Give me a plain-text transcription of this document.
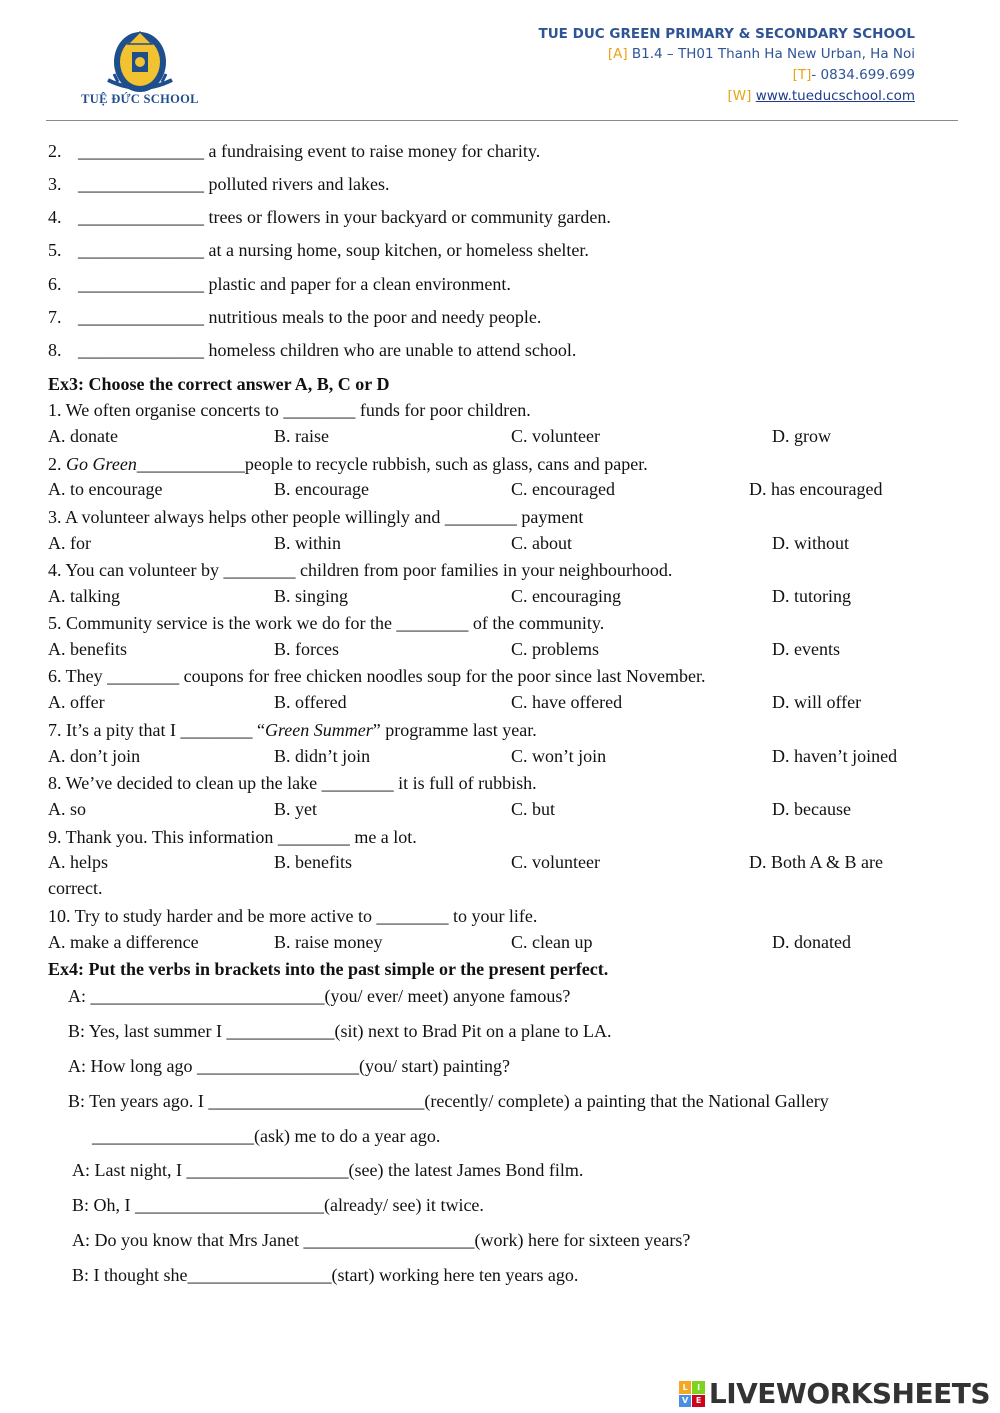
TUỆ ĐỨC SCHOOL
TUE DUC GREEN PRIMARY & SECONDARY SCHOOL
[A] B1.4 – TH01 Thanh Ha New Urban, Ha Noi
[T]- 0834.699.699
[W] www.tueducschool.com
2. ______________ a fundraising event to raise money for charity.
3. ______________ polluted rivers and lakes.
4. ______________ trees or flowers in your backyard or community garden.
5. ______________ at a nursing home, soup kitchen, or homeless shelter.
6. ______________ plastic and paper for a clean environment.
7. ______________ nutritious meals to the poor and needy people.
8. ______________ homeless children who are unable to attend school.
Ex3: Choose the correct answer A, B, C or D
1. We often organise concerts to ________ funds for poor children.
A. donate	B. raise	C. volunteer	D. grow
2. Go Green____________people to recycle rubbish, such as glass, cans and paper.
A. to encourage	B. encourage	C. encouraged	D. has encouraged
3. A volunteer always helps other people willingly and ________ payment
A. for	B. within	C. about	D. without
4. You can volunteer by ________ children from poor families in your neighbourhood.
A. talking	B. singing	C. encouraging	D. tutoring
5. Community service is the work we do for the ________ of the community.
A. benefits	B. forces	C. problems	D. events
6. They ________ coupons for free chicken noodles soup for the poor since last November.
A. offer	B. offered	C. have offered	D. will offer
7. It’s a pity that I ________ “Green Summer” programme last year.
A. don’t join	B. didn’t join	C. won’t join	D. haven’t joined
8. We’ve decided to clean up the lake ________ it is full of rubbish.
A. so	B. yet	C. but	D. because
9. Thank you. This information ________ me a lot.
A. helps	B. benefits	C. volunteer	D. Both A & B are
correct.
10. Try to study harder and be more active to ________ to your life.
A. make a difference	B. raise money	C. clean up	D. donated
Ex4: Put the verbs in brackets into the past simple or the present perfect.
A: __________________________(you/ ever/ meet) anyone famous?
B: Yes, last summer I ____________(sit) next to Brad Pit on a plane to LA.
A: How long ago __________________(you/ start) painting?
B: Ten years ago. I ________________________(recently/ complete) a painting that the National Gallery
__________________(ask) me to do a year ago.
A: Last night, I __________________(see) the latest James Bond film.
B: Oh, I _____________________(already/ see) it twice.
A: Do you know that Mrs Janet ___________________(work) here for sixteen years?
B: I thought she________________(start) working here ten years ago.
L	I
V E LIVEWORKSHEETS
